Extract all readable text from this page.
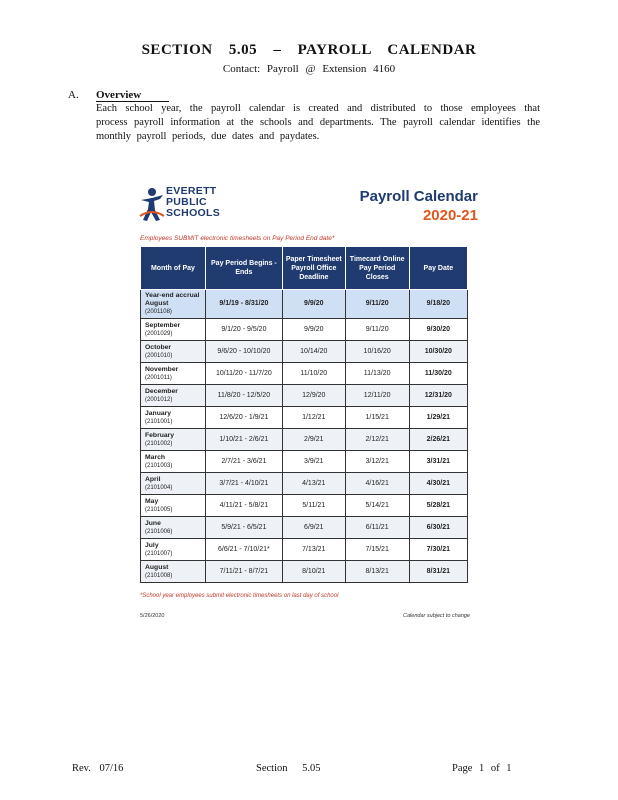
SECTION 5.05 – PAYROLL CALENDAR
Contact: Payroll @ Extension 4160
A. Overview
Each school year, the payroll calendar is created and distributed to those employees that process payroll information at the schools and departments. The payroll calendar identifies the monthly payroll periods, due dates and paydates.
EVERETT
PUBLIC
SCHOOLS
Payroll Calendar
2020-21
Employees SUBMIT electronic timesheets on Pay Period End date*
Month of Pay	Pay Period Begins - Ends	Paper Timesheet Payroll Office Deadline	Timecard Online Pay Period Closes	Pay Date
Year-end accrual August
(2001108)	9/1/19 - 8/31/20	9/9/20	9/11/20	9/18/20
September
(2001029)	9/1/20 - 9/5/20	9/9/20	9/11/20	9/30/20
October
(2001010)	9/6/20 - 10/10/20	10/14/20	10/16/20	10/30/20
November
(2001011)	10/11/20 - 11/7/20	11/10/20	11/13/20	11/30/20
December
(2001012)	11/8/20 - 12/5/20	12/9/20	12/11/20	12/31/20
January
(2101001)	12/6/20 - 1/9/21	1/12/21	1/15/21	1/29/21
February
(2101002)	1/10/21 - 2/6/21	2/9/21	2/12/21	2/26/21
March
(2101003)	2/7/21 - 3/6/21	3/9/21	3/12/21	3/31/21
April
(2101004)	3/7/21 - 4/10/21	4/13/21	4/16/21	4/30/21
May
(2101005)	4/11/21 - 5/8/21	5/11/21	5/14/21	5/28/21
June
(2101006)	5/9/21 - 6/5/21	6/9/21	6/11/21	6/30/21
July
(2101007)	6/6/21 - 7/10/21*	7/13/21	7/15/21	7/30/21
August
(2101008)	7/11/21 - 8/7/21	8/10/21	8/13/21	8/31/21
*School year employees submit electronic timesheets on last day of school
5/26/2020	Calendar subject to change
Rev. 07/16	Section 5.05	Page 1 of 1
